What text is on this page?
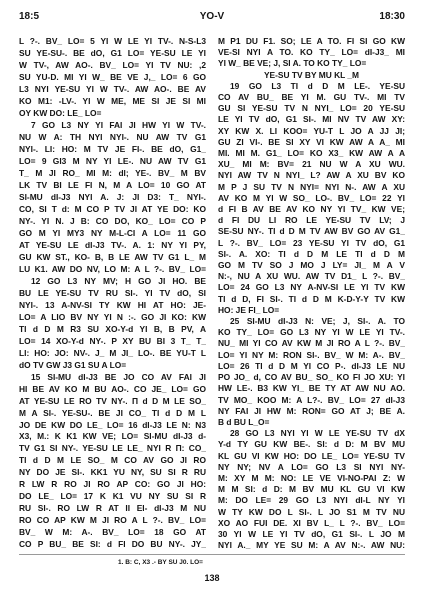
YO-V
18:5	18:30
L ?-. BV_ LO= 5 YI W LE YI TV-. N-S-L3
SU YE-SU-. BE dO, G1 LO= YE-SU LE YI
W TV-, AW AO-. BV_ LO= YI TV NU: ,2
SU YU-D. MI YI W_ BE VE J,_ LO= 6 GO
L3 NYI YE-SU YI W TV-. AW AO-. BE AV
KO M1: -LV-. YI W ME, ME SI JE SI MI
OY KW DO: LE_ LO=
7 GO L3 NY YI FAI JI HW YI W TV-.
NU W A: TH NYI NYI-. NU AW TV G1
NYI-. LI: HO: M TV JE FI-. BE dO, G1_
LO= 9 GI3 M NY YI LE-. NU AW TV G1
T_ M JI RO_ MI M: dl; YE-. BV_ M BV
LK TV BI LE FI N, M A LO= 10 GO AT
SI-MU dI-J3 NYI A. J: JI D3: T_ NYI-.
CO, SI T d: M CO P TV JI AT YE DO: KO
NY-. YI N. J B: CO DO, KO_ LO= CO P
GO M YI MY3 NY M-L-CI A LO= 11 GO
AT YE-SU LE dI-J3 TV-. A. 1: NY YI PY,
GU KW ST., KO- B, B LE AW TV G1 L_ M
LU K1. AW DO NV, LO M: A L ?-. BV_ LO=
12 GO L3 NY MV; H GO JI HO. BE
BU LE YE-SU TV RU SI-. YI TV dO, SI
NYI-. 13 A-NV-SI TY KW HI AT HO: JE-
LO= A LIO BV NY YI N :-. GO JI KO: KW
TI d D M R3 SU XO-Y-d YI B, B PV, A
LO= 14 XO-Y-d NY-. P XY BU BI 3 T_ T_
LI: HO: JO: NV-. J_ M JI_ LO-. BE YU-T L
dO TV GW J3 G1 SU A LO=
15 SI-MU dI-J3 BE JO CO AV FAI JI
HI BE AV KO M BU AO-. CO JE_ LO= GO
AT YE-SU LE RO TV NY-. Π d D M LE SO_
M A SI-. YE-SU-. BE JI CO_ TI d D M L
JO DE KW DO LE_ LO= 16 dI-J3 LE N: N3
X3, M.: K K1 KW VE; LO= SI-MU dI-J3 d-
TV G1 SI NY-. YE-SU LE LE_ NYI R Π: CO_
TI d D M LE SO_ M CO AV GO JI RO
NY DO JE SI-. KK1 YU NY, SU SI R RU
R LW R RO JI RO AP CO: GO JI HO:
DO LE_ LO= 17 K K1 VU NY SU SI R
RU SI-. RO LW R AT II EI- dI-J3 M NU
RO CO AP KW M JI RO A L ?-. BV_ LO=
BV_ W M: A-. BV_ LO= 18 GO AT
CO P BU_ BE SI: d FI DO BU NY-. JY_
M P1 DU F1. SO; LE A TO. FI SI GO KW
VE-SI NYI A TO. KO TY_ LO= dI-J3_ MI
YI W_ BE VE; J, SI A. TO KO TY_ LO=
YE-SU TV BY MU KL _M
19 GO L3 TI d D M LE-. YE-SU
CO AV BU_ BE YI M. GU TV-. MI TV
GU SI YE-SU TV N NYI_ LO= 20 YE-SU
LE YI TV dO, G1 SI-. MI NV TV AW XY:
XY KW X. LI KOO= YU-T L JO A JJ JI;
GU ZI VI-. BE SI XY VI KW AW A A_ MI
MI. MI M. G1_ LO= KO X3_ KW AW A A
XU_ MI M: BV= 21 NU W A XU WU.
NYI AW TV N NYI_ L? AW A XU BV KO
M P J SU TV N NYI= NYI N-. AW A XU
AV KO M YI W SO_ LO-. BV_ LO= 22 YI
d FI B AV BE AV KO NY YI TV_ KW VE;
d FI DU LI RO LE YE-SU TV LV; J
SE-SU NY-. TI d D M TV AW BV GO AV G1_
L ?-. BV_ LO= 23 YE-SU YI TV dO, G1
SI-. A. XO: TI d D M LE TI d D M
GO M TV SO J MO J LY= JI_ M A V
N:-, NU A XU WU. AW TV D1_ L ?-. BV_
LO= 24 GO L3 NY A-NV-SI LE YI TV KW
TI d D, FI SI-. TI d D M K-D-Y-Y TV KW
HO: JE FI_ LO=
25 SI-MU dI-J3 N: VE; J, SI-. A. TO
KO TY_ LO= GO L3 NY YI W LE YI TV-.
NU_ MI YI CO AV KW M JI RO A L ?-. BV_
LO= YI NY M: RON SI-. BV_ W M: A-. BV_
LO= 26 TI d D M YI CO P-. dI-J3 LE NU
PO JO_ d, CO AV BU_ SO_ KO FI JO XU: YI
HW LE-. B3 KW YI_ BE TY AT AW NU AO.
TV MO_ KOO M: A L?-. BV_ LO= 27 dI-J3
NY FAI JI HW M: RON= GO AT J; BE A.
B d BU L_O=
28 GO L3 NYI YI W LE YE-SU TV dX
Y-d TY GU KW BE-. SI: d D: M BV MU
KL GU VI KW HO: DO LE_ LO= YE-SU TV
NY NY; NV A LO= GO L3 SI NYI NY-
M: XY M M: NO: LE VE VI-NO-PAI Z: W
M M SI: d D: M BV MU KL GU VI KW
M: DO LE= 29 GO L3 NYI dI-L NY YI
W TY KW DO L SI-. L JO S1 M TV NU
XO AO FUI DE. XI BV L_ L ?-. BV_ LO=
30 YI W LE YI TV dO, G1 SI-. L JO M
NYI A._ MY YE SU M: A AV N:-. AW NU:
1. B: C, X3 .- BY SU J0. LO=
138
